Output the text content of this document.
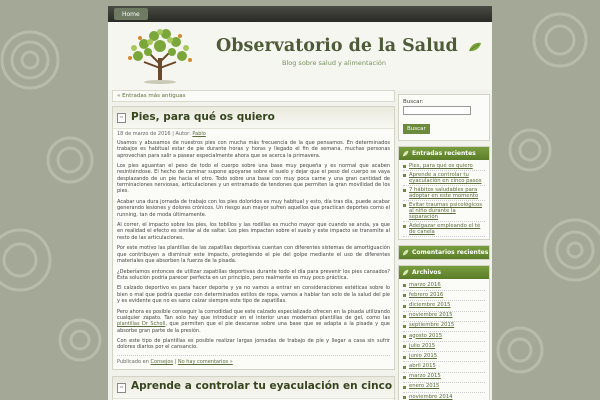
Home
Observatorio de la Salud
Blog sobre salud y alimentación
« Entradas más antiguas
▭ Pies, para qué os quiero
18 de marzo de 2016 | Autor: Pablo

Usamos y abusamos de nuestros pies con mucha más frecuencia de la que pensamos. En determinados trabajos es habitual estar de pie durante horas y horas y llegado el fin de semana, muchas personas aprovechan para salir a pasear especialmente ahora que se acerca la primavera.

Los pies aguantan el peso de todo el cuerpo sobre una base muy pequeña y es normal que acaben resintiéndose. El hecho de caminar supone apoyarse sobre el suelo y dejar que el peso del cuerpo se vaya desplazando de un pie hacia el otro. Todo sobre una base con muy poca carne y una gran cantidad de terminaciones nerviosas, articulaciones y un entramado de tendones que permiten la gran movilidad de los pies.

Acabar una dura jornada de trabajo con los pies doloridos es muy habitual y esto, día tras día, puede acabar generando lesiones y dolores crónicos. Un riesgo aun mayor sufren aquellos que practican deportes como el running, tan de moda últimamente.

Al correr, el impacto sobre los pies, los tobillos y las rodillas es mucho mayor que cuando se anda, ya que en realidad el efecto es similar al de saltar. Los pies impactan sobre el suelo y este impacto se transmite al resto de las articulaciones.

Por este motivo las plantillas de las zapatillas deportivas cuentan con diferentes sistemas de amortiguación que contribuyen a disminuir este impacto, protegiendo el pie del golpe mediante el uso de diferentes materiales que absorben la fuerza de la pisada.

¿Deberíamos entonces de utilizar zapatillas deportivas durante todo el día para prevenir los pies cansados? Esta solución podría parecer perfecta en un principio, pero realmente es muy poco práctica.

El calzado deportivo es para hacer deporte y ya no vamos a entrar en consideraciones estéticas sobre lo bien o mal que podría quedar con determinados estilos de ropa, vamos a hablar tan solo de la salud del pie y es evidente que no es sano calzar siempre este tipo de zapatillas.

Pero ahora es posible conseguir la comodidad que este calzado especializado ofrecen en la pisada utilizando cualquier zapato. Tan solo hay que introducir en el interior unas modernas plantillas de gel, como las plantillas Dr Scholl, que permiten que el pie descanse sobre una base que se adapta a la pisada y que absorbe gran parte de la presión.

Con este tipo de plantillas es posible realizar largas jornadas de trabajo de pie y llegar a casa sin sufrir dolores diarios por el cansancio.

Publicado en Consejos | No hay comentarios »
▭ Aprende a controlar tu eyaculación en cinco
Buscar:
Buscar
Entradas recientes
Pies, para qué os quiero
Aprende a controlar tu eyaculación en cinco pasos
7 hábitos saludables para adoptar en este momento
Evitar traumas psicológicos al niño durante la separación
Adelgazar empleando el té de canela
Comentarios recientes
Archivos
marzo 2016
febrero 2016
diciembre 2015
noviembre 2015
septiembre 2015
agosto 2015
julio 2015
junio 2015
abril 2015
marzo 2015
enero 2015
noviembre 2014
